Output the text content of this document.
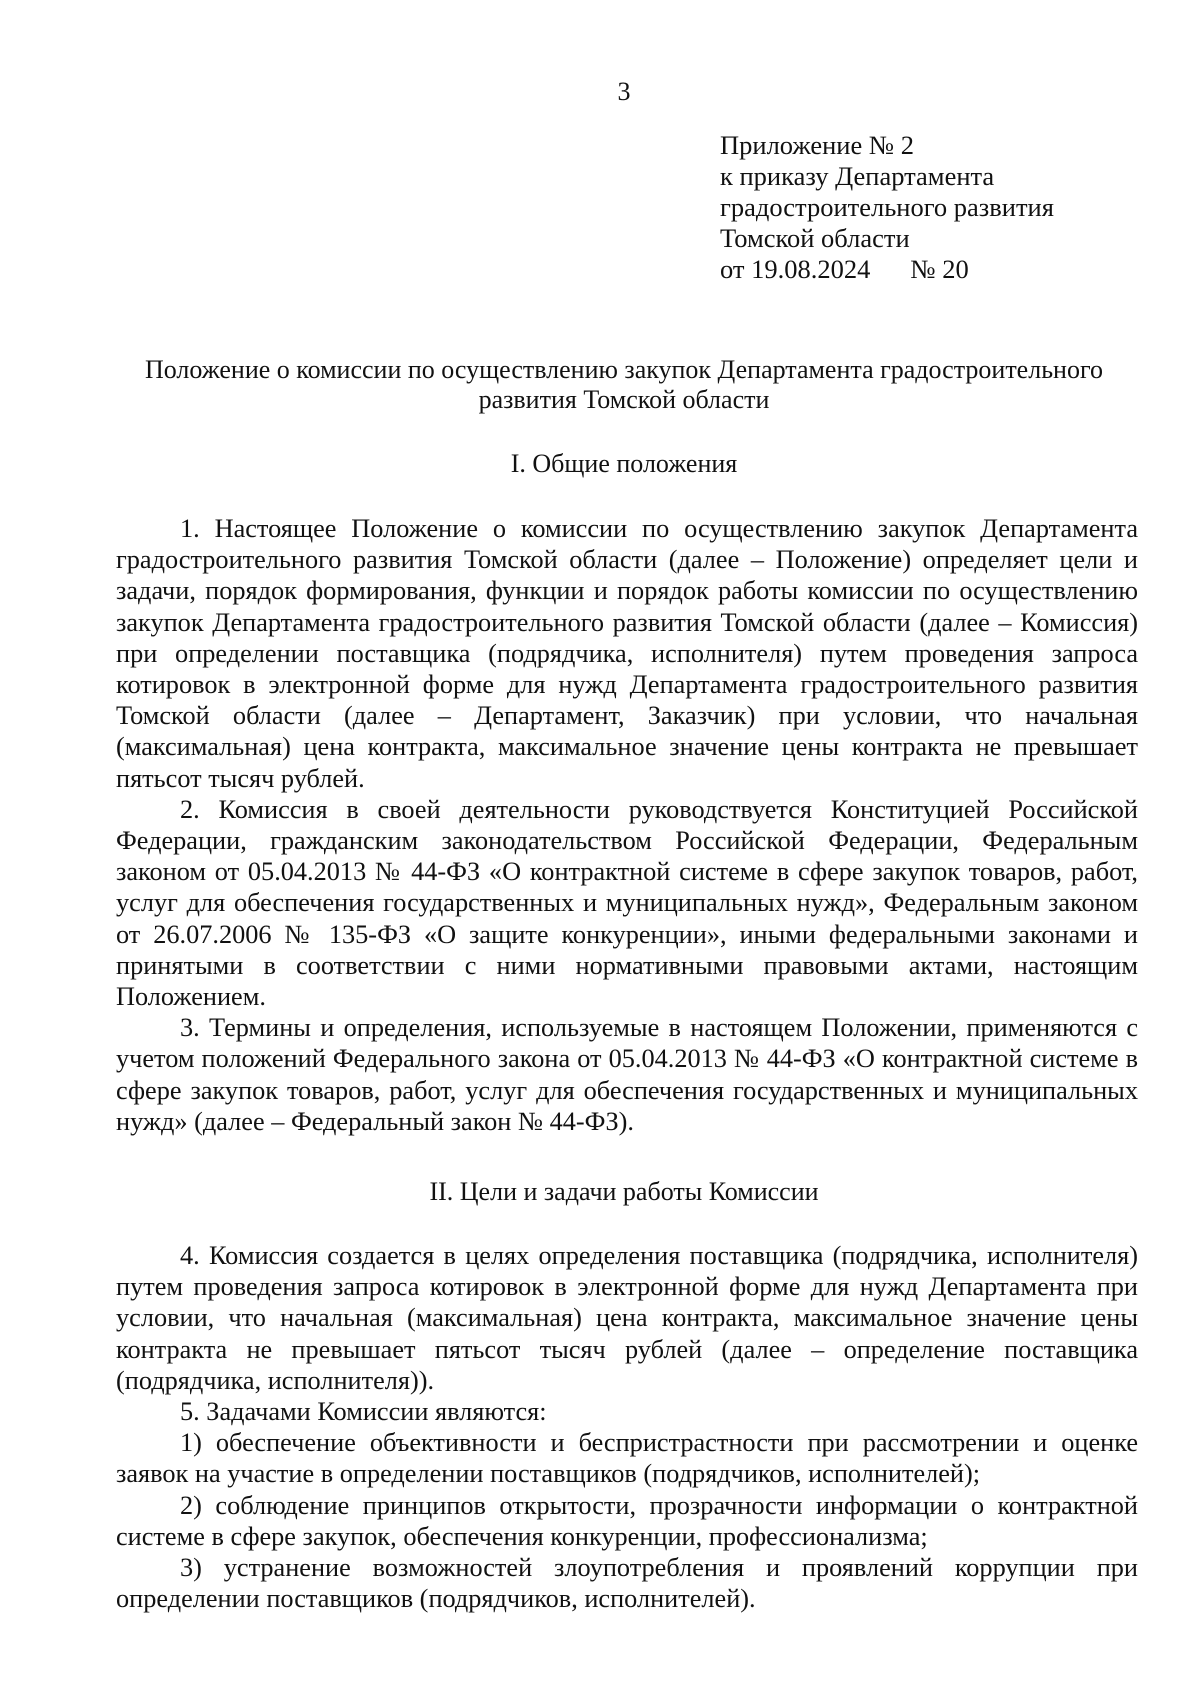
3
Приложение № 2
к приказу Департамента
градостроительного развития
Томской области
от 19.08.2024 № 20
Положение о комиссии по осуществлению закупок Департамента градостроительного развития Томской области
I. Общие положения

1. Настоящее Положение о комиссии по осуществлению закупок Департамента градостроительного развития Томской области (далее – Положение) определяет цели и задачи, порядок формирования, функции и порядок работы комиссии по осуществлению закупок Департамента градостроительного развития Томской области (далее – Комиссия) при определении поставщика (подрядчика, исполнителя) путем проведения запроса котировок в электронной форме для нужд Департамента градостроительного развития Томской области (далее – Департамент, Заказчик) при условии, что начальная (максимальная) цена контракта, максимальное значение цены контракта не превышает пятьсот тысяч рублей.

2. Комиссия в своей деятельности руководствуется Конституцией Российской Федерации, гражданским законодательством Российской Федерации, Федеральным законом от 05.04.2013 № 44-ФЗ «О контрактной системе в сфере закупок товаров, работ, услуг для обеспечения государственных и муниципальных нужд», Федеральным законом от 26.07.2006 № 135-ФЗ «О защите конкуренции», иными федеральными законами и принятыми в соответствии с ними нормативными правовыми актами, настоящим Положением.

3. Термины и определения, используемые в настоящем Положении, применяются с учетом положений Федерального закона от 05.04.2013 № 44-ФЗ «О контрактной системе в сфере закупок товаров, работ, услуг для обеспечения государственных и муниципальных нужд» (далее – Федеральный закон № 44-ФЗ).

II. Цели и задачи работы Комиссии

4. Комиссия создается в целях определения поставщика (подрядчика, исполнителя) путем проведения запроса котировок в электронной форме для нужд Департамента при условии, что начальная (максимальная) цена контракта, максимальное значение цены контракта не превышает пятьсот тысяч рублей (далее – определение поставщика (подрядчика, исполнителя)).

5. Задачами Комиссии являются:

1) обеспечение объективности и беспристрастности при рассмотрении и оценке заявок на участие в определении поставщиков (подрядчиков, исполнителей);

2) соблюдение принципов открытости, прозрачности информации о контрактной системе в сфере закупок, обеспечения конкуренции, профессионализма;

3) устранение возможностей злоупотребления и проявлений коррупции при определении поставщиков (подрядчиков, исполнителей).
